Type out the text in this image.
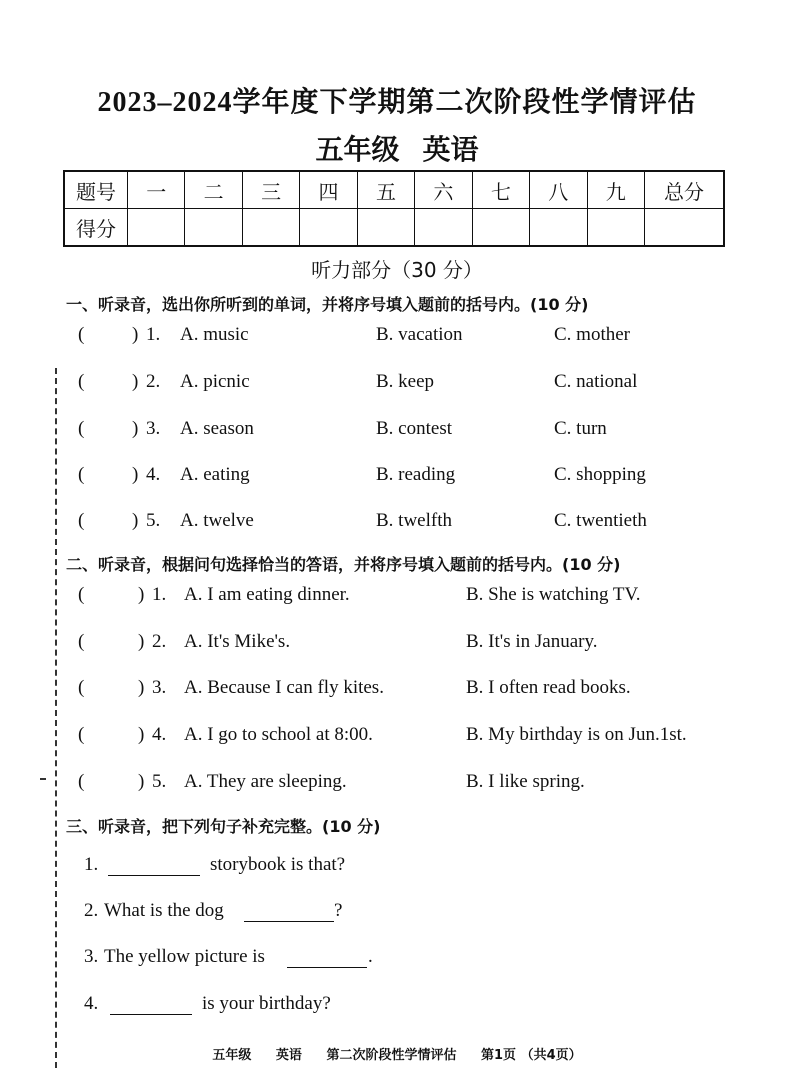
2023–2024学年度下学期第二次阶段性学情评估
五年级 英语
题号	一	二	三	四	五	六	七	八	九	总分
得分										
听力部分（30 分）
一、听录音，选出你所听到的单词，并将序号填入题前的括号内。(10 分)
(	) 1. A. music	B. vacation	C. mother
(	) 2. A. picnic	B. keep	C. national
(	) 3. A. season	B. contest	C. turn
(	) 4. A. eating	B. reading	C. shopping
(	) 5. A. twelve	B. twelfth	C. twentieth
二、听录音，根据问句选择恰当的答语，并将序号填入题前的括号内。(10 分)
(	) 1. A. I am eating dinner.	B. She is watching TV.
(	) 2. A. It's Mike's.	B. It's in January.
(	) 3. A. Because I can fly kites.	B. I often read books.
(	) 4. A. I go to school at 8:00.	B. My birthday is on Jun.1st.
(	) 5. A. They are sleeping.	B. I like spring.
三、听录音，把下列句子补充完整。(10 分)
1.	storybook is that?
2. What is the dog	?
3. The yellow picture is	.
4.	is your birthday?
五年级 英语 第二次阶段性学情评估 第1页 （共4页）
